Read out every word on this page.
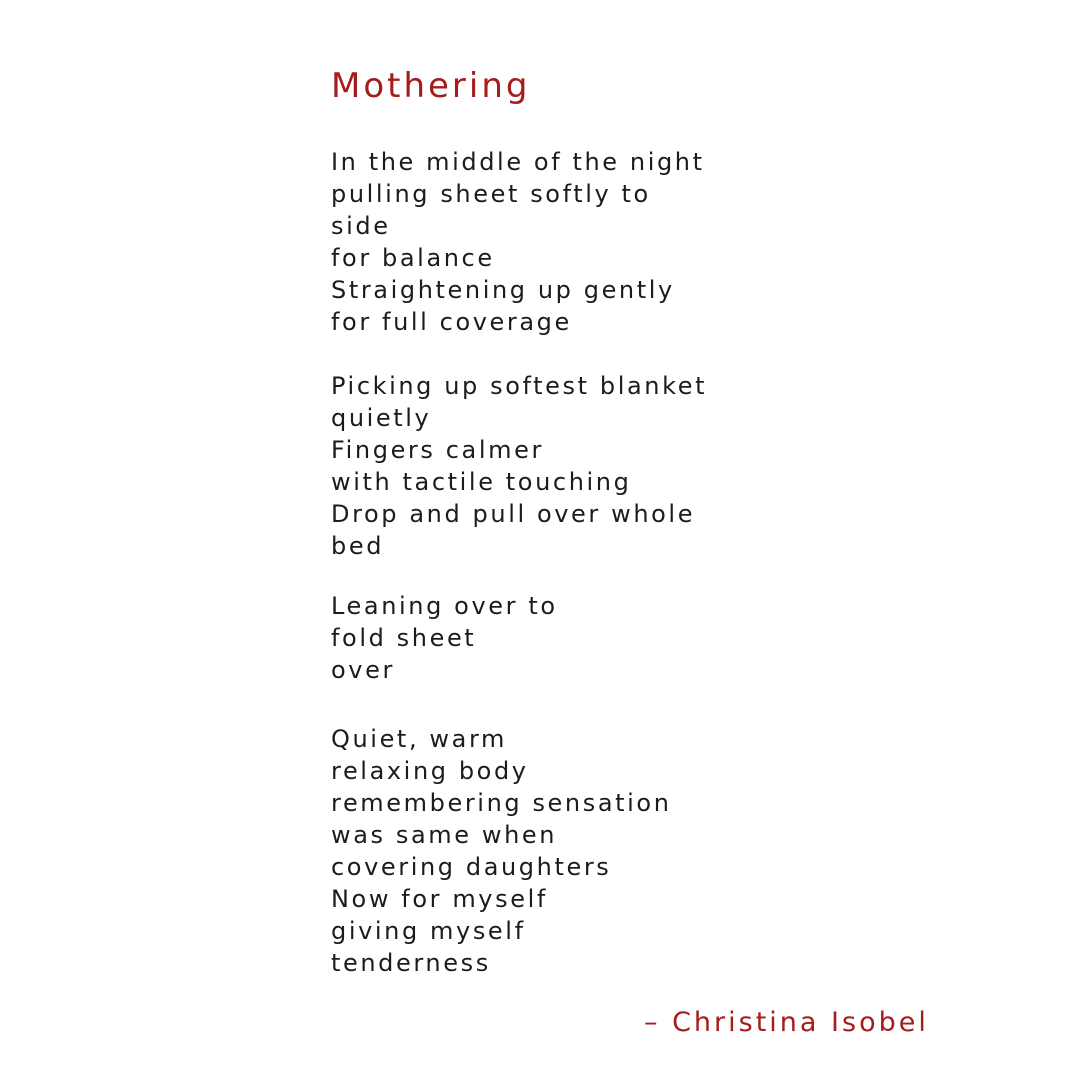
Mothering
In the middle of the night
pulling sheet softly to
side
for balance
Straightening up gently
for full coverage
Picking up softest blanket
quietly
Fingers calmer
with tactile touching
Drop and pull over whole
bed
Leaning over to
fold sheet
over
Quiet, warm
relaxing body
remembering sensation
was same when
covering daughters
Now for myself
giving myself
tenderness

– Christina Isobel
